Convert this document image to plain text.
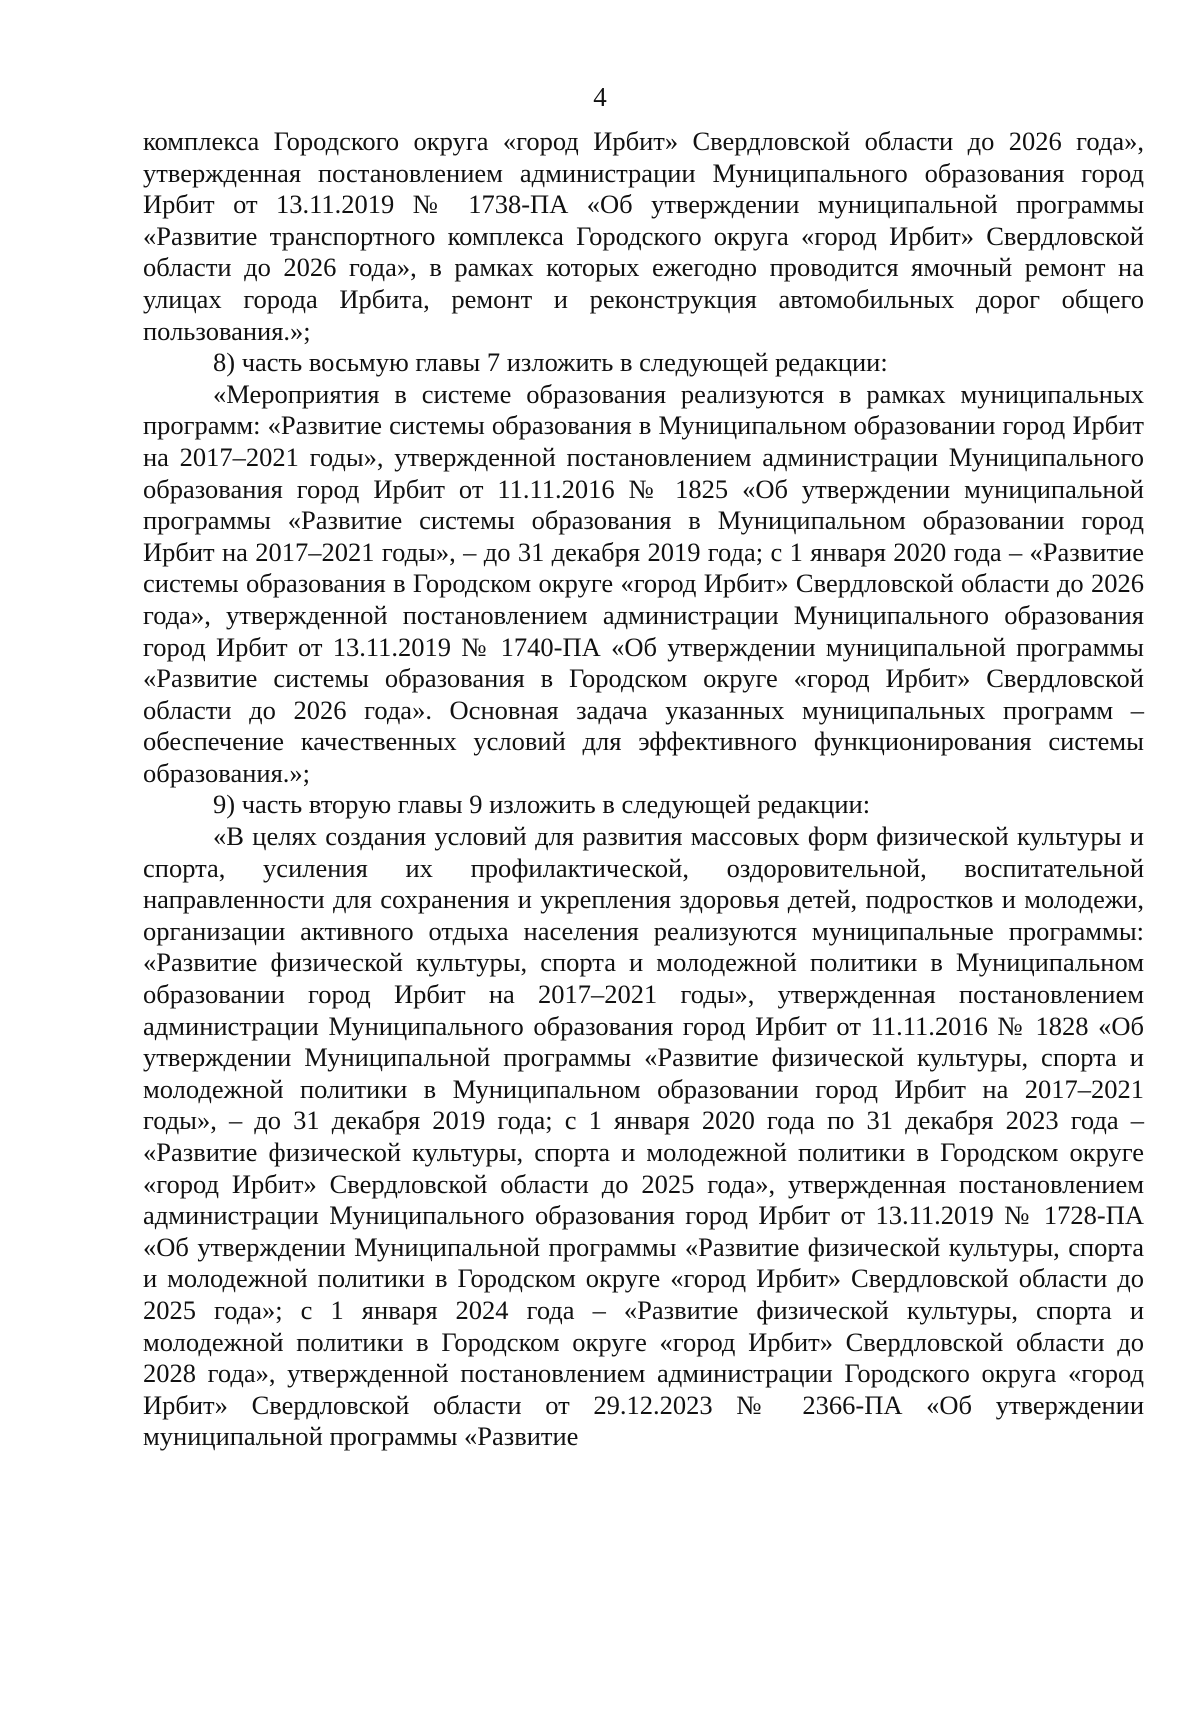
4

комплекса Городского округа «город Ирбит» Свердловской области до 2026 года», утвержденная постановлением администрации Муниципального образования город Ирбит от 13.11.2019 № 1738-ПА «Об утверждении муниципальной программы «Развитие транспортного комплекса Городского округа «город Ирбит» Свердловской области до 2026 года», в рамках которых ежегодно проводится ямочный ремонт на улицах города Ирбита, ремонт и реконструкция автомобильных дорог общего пользования.»;

8) часть восьмую главы 7 изложить в следующей редакции:

«Мероприятия в системе образования реализуются в рамках муниципальных программ: «Развитие системы образования в Муниципальном образовании город Ирбит на 2017–2021 годы», утвержденной постановлением администрации Муниципального образования город Ирбит от 11.11.2016 № 1825 «Об утверждении муниципальной программы «Развитие системы образования в Муниципальном образовании город Ирбит на 2017–2021 годы», – до 31 декабря 2019 года; с 1 января 2020 года – «Развитие системы образования в Городском округе «город Ирбит» Свердловской области до 2026 года», утвержденной постановлением администрации Муниципального образования город Ирбит от 13.11.2019 № 1740-ПА «Об утверждении муниципальной программы «Развитие системы образования в Городском округе «город Ирбит» Свердловской области до 2026 года». Основная задача указанных муниципальных программ – обеспечение качественных условий для эффективного функционирования системы образования.»;

9) часть вторую главы 9 изложить в следующей редакции:

«В целях создания условий для развития массовых форм физической культуры и спорта, усиления их профилактической, оздоровительной, воспитательной направленности для сохранения и укрепления здоровья детей, подростков и молодежи, организации активного отдыха населения реализуются муниципальные программы: «Развитие физической культуры, спорта и молодежной политики в Муниципальном образовании город Ирбит на 2017–2021 годы», утвержденная постановлением администрации Муниципального образования город Ирбит от 11.11.2016 № 1828 «Об утверждении Муниципальной программы «Развитие физической культуры, спорта и молодежной политики в Муниципальном образовании город Ирбит на 2017–2021 годы», – до 31 декабря 2019 года; с 1 января 2020 года по 31 декабря 2023 года – «Развитие физической культуры, спорта и молодежной политики в Городском округе «город Ирбит» Свердловской области до 2025 года», утвержденная постановлением администрации Муниципального образования город Ирбит от 13.11.2019 № 1728-ПА «Об утверждении Муниципальной программы «Развитие физической культуры, спорта и молодежной политики в Городском округе «город Ирбит» Свердловской области до 2025 года»; с 1 января 2024 года – «Развитие физической культуры, спорта и молодежной политики в Городском округе «город Ирбит» Свердловской области до 2028 года», утвержденной постановлением администрации Городского округа «город Ирбит» Свердловской области от 29.12.2023 № 2366-ПА «Об утверждении муниципальной программы «Развитие
